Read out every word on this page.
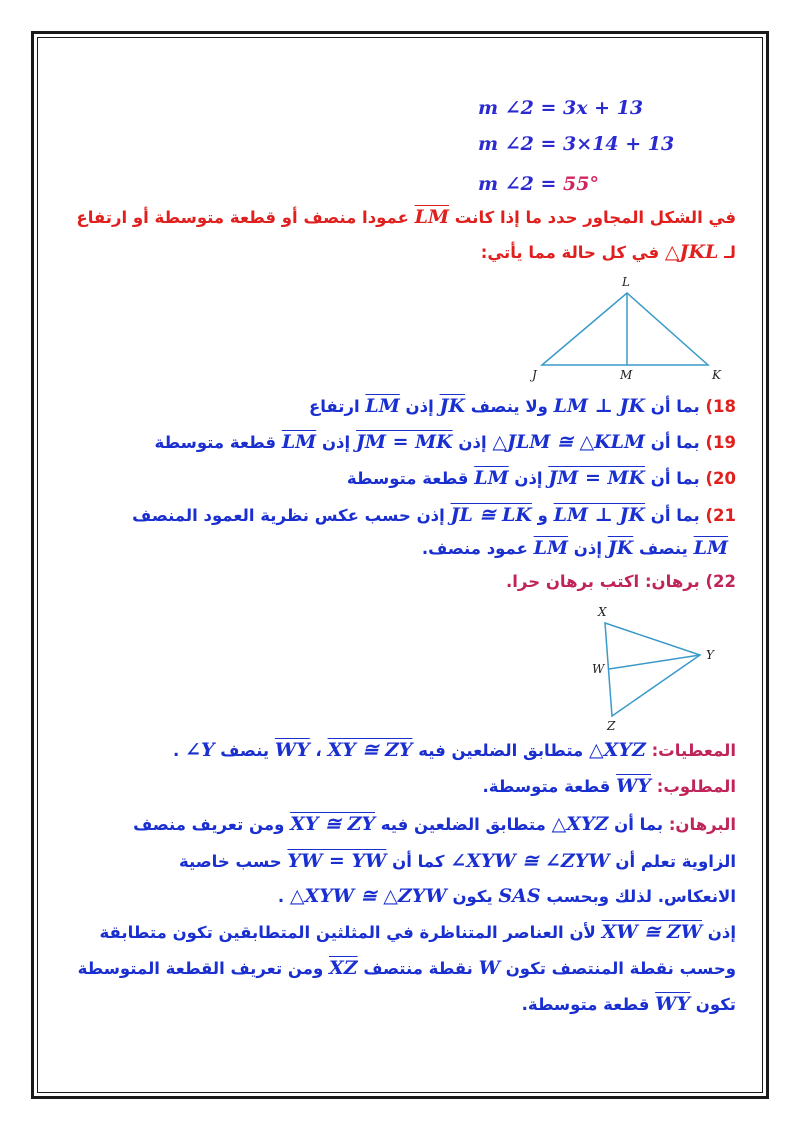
m ∠2 = 3x + 13
m ∠2 = 3×14 + 13
m ∠2 = 55°
في الشكل المجاور حدد ما إذا كانت $\overline{LM}$ عمودا منصف أو قطعة متوسطة أو ارتفاع
لـ △JKL في كل حالة مما يأتي:
L
J	M	K
18) بما أن LM ⊥ JK ولا ينصف $\overline{JK}$ إذن $\overline{LM}$ ارتفاع
19) بما أن △JLM ≅ △KLM إذن JM = MK إذن $\overline{LM}$ قطعة متوسطة
20) بما أن JM = MK إذن $\overline{LM}$ قطعة متوسطة
21) بما أن LM ⊥ JK و JL ≅ LK إذن حسب عكس نظرية العمود المنصف
$\overline{LM}$ ينصف $\overline{JK}$ إذن $\overline{LM}$ عمود منصف.
22) برهان: اكتب برهان حرا.
X
Y
W
Z
المعطيات: △XYZ متطابق الضلعين فيه XY ≅ ZY ، $\overline{WY}$ ينصف ∠Y .
المطلوب: $\overline{WY}$ قطعة متوسطة.
البرهان: بما أن △XYZ متطابق الضلعين فيه XY ≅ ZY ومن تعريف منصف
الزاوية تعلم أن ∠XYW ≅ ∠ZYW كما أن YW = YW حسب خاصية
الانعكاس. لذلك وبحسب SAS يكون △XYW ≅ △ZYW .
إذن XW ≅ ZW لأن العناصر المتناظرة في المثلثين المتطابقين تكون متطابقة
وحسب نقطة المنتصف تكون W نقطة منتصف $\overline{XZ}$ ومن تعريف القطعة المتوسطة
تكون $\overline{WY}$ قطعة متوسطة.
